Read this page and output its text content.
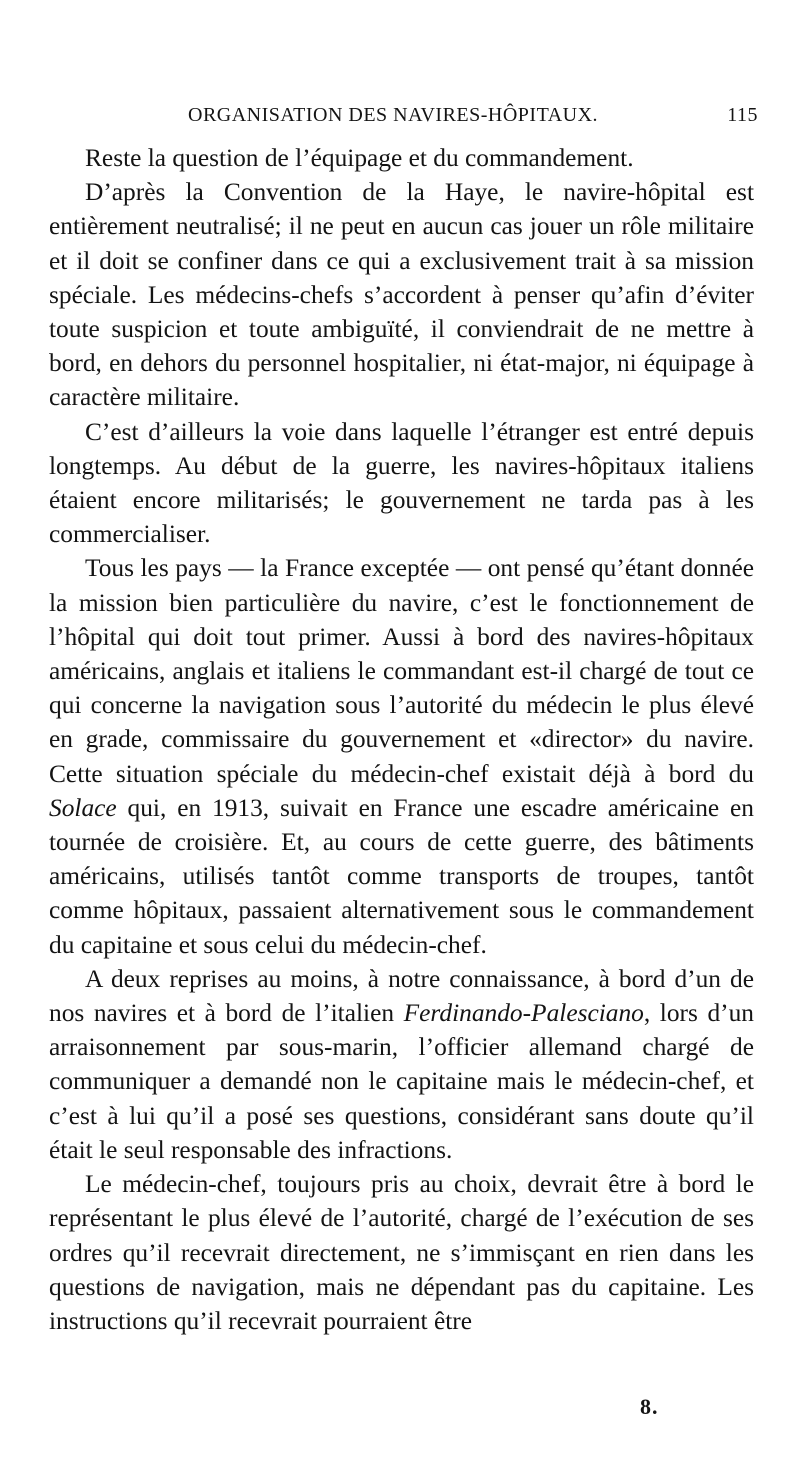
ORGANISATION DES NAVIRES-HÔPITAUX.	115

Reste la question de l’équipage et du commandement.

D’après la Convention de la Haye, le navire-hôpital est entièrement neutralisé; il ne peut en aucun cas jouer un rôle militaire et il doit se confiner dans ce qui a exclusivement trait à sa mission spéciale. Les médecins-chefs s’accordent à penser qu’afin d’éviter toute suspicion et toute ambiguïté, il conviendrait de ne mettre à bord, en dehors du personnel hospitalier, ni état-major, ni équipage à caractère militaire.

C’est d’ailleurs la voie dans laquelle l’étranger est entré depuis longtemps. Au début de la guerre, les navires-hôpitaux italiens étaient encore militarisés; le gouvernement ne tarda pas à les commercialiser.

Tous les pays — la France exceptée — ont pensé qu’étant donnée la mission bien particulière du navire, c’est le fonctionnement de l’hôpital qui doit tout primer. Aussi à bord des navires-hôpitaux américains, anglais et italiens le commandant est-il chargé de tout ce qui concerne la navigation sous l’autorité du médecin le plus élevé en grade, commissaire du gouvernement et «director» du navire. Cette situation spéciale du médecin-chef existait déjà à bord du Solace qui, en 1913, suivait en France une escadre américaine en tournée de croisière. Et, au cours de cette guerre, des bâtiments américains, utilisés tantôt comme transports de troupes, tantôt comme hôpitaux, passaient alternativement sous le commandement du capitaine et sous celui du médecin-chef.

A deux reprises au moins, à notre connaissance, à bord d’un de nos navires et à bord de l’italien Ferdinando-Palesciano, lors d’un arraisonnement par sous-marin, l’officier allemand chargé de communiquer a demandé non le capitaine mais le médecin-chef, et c’est à lui qu’il a posé ses questions, considérant sans doute qu’il était le seul responsable des infractions.

Le médecin-chef, toujours pris au choix, devrait être à bord le représentant le plus élevé de l’autorité, chargé de l’exécution de ses ordres qu’il recevrait directement, ne s’immisçant en rien dans les questions de navigation, mais ne dépendant pas du capitaine. Les instructions qu’il recevrait pourraient être

8.
